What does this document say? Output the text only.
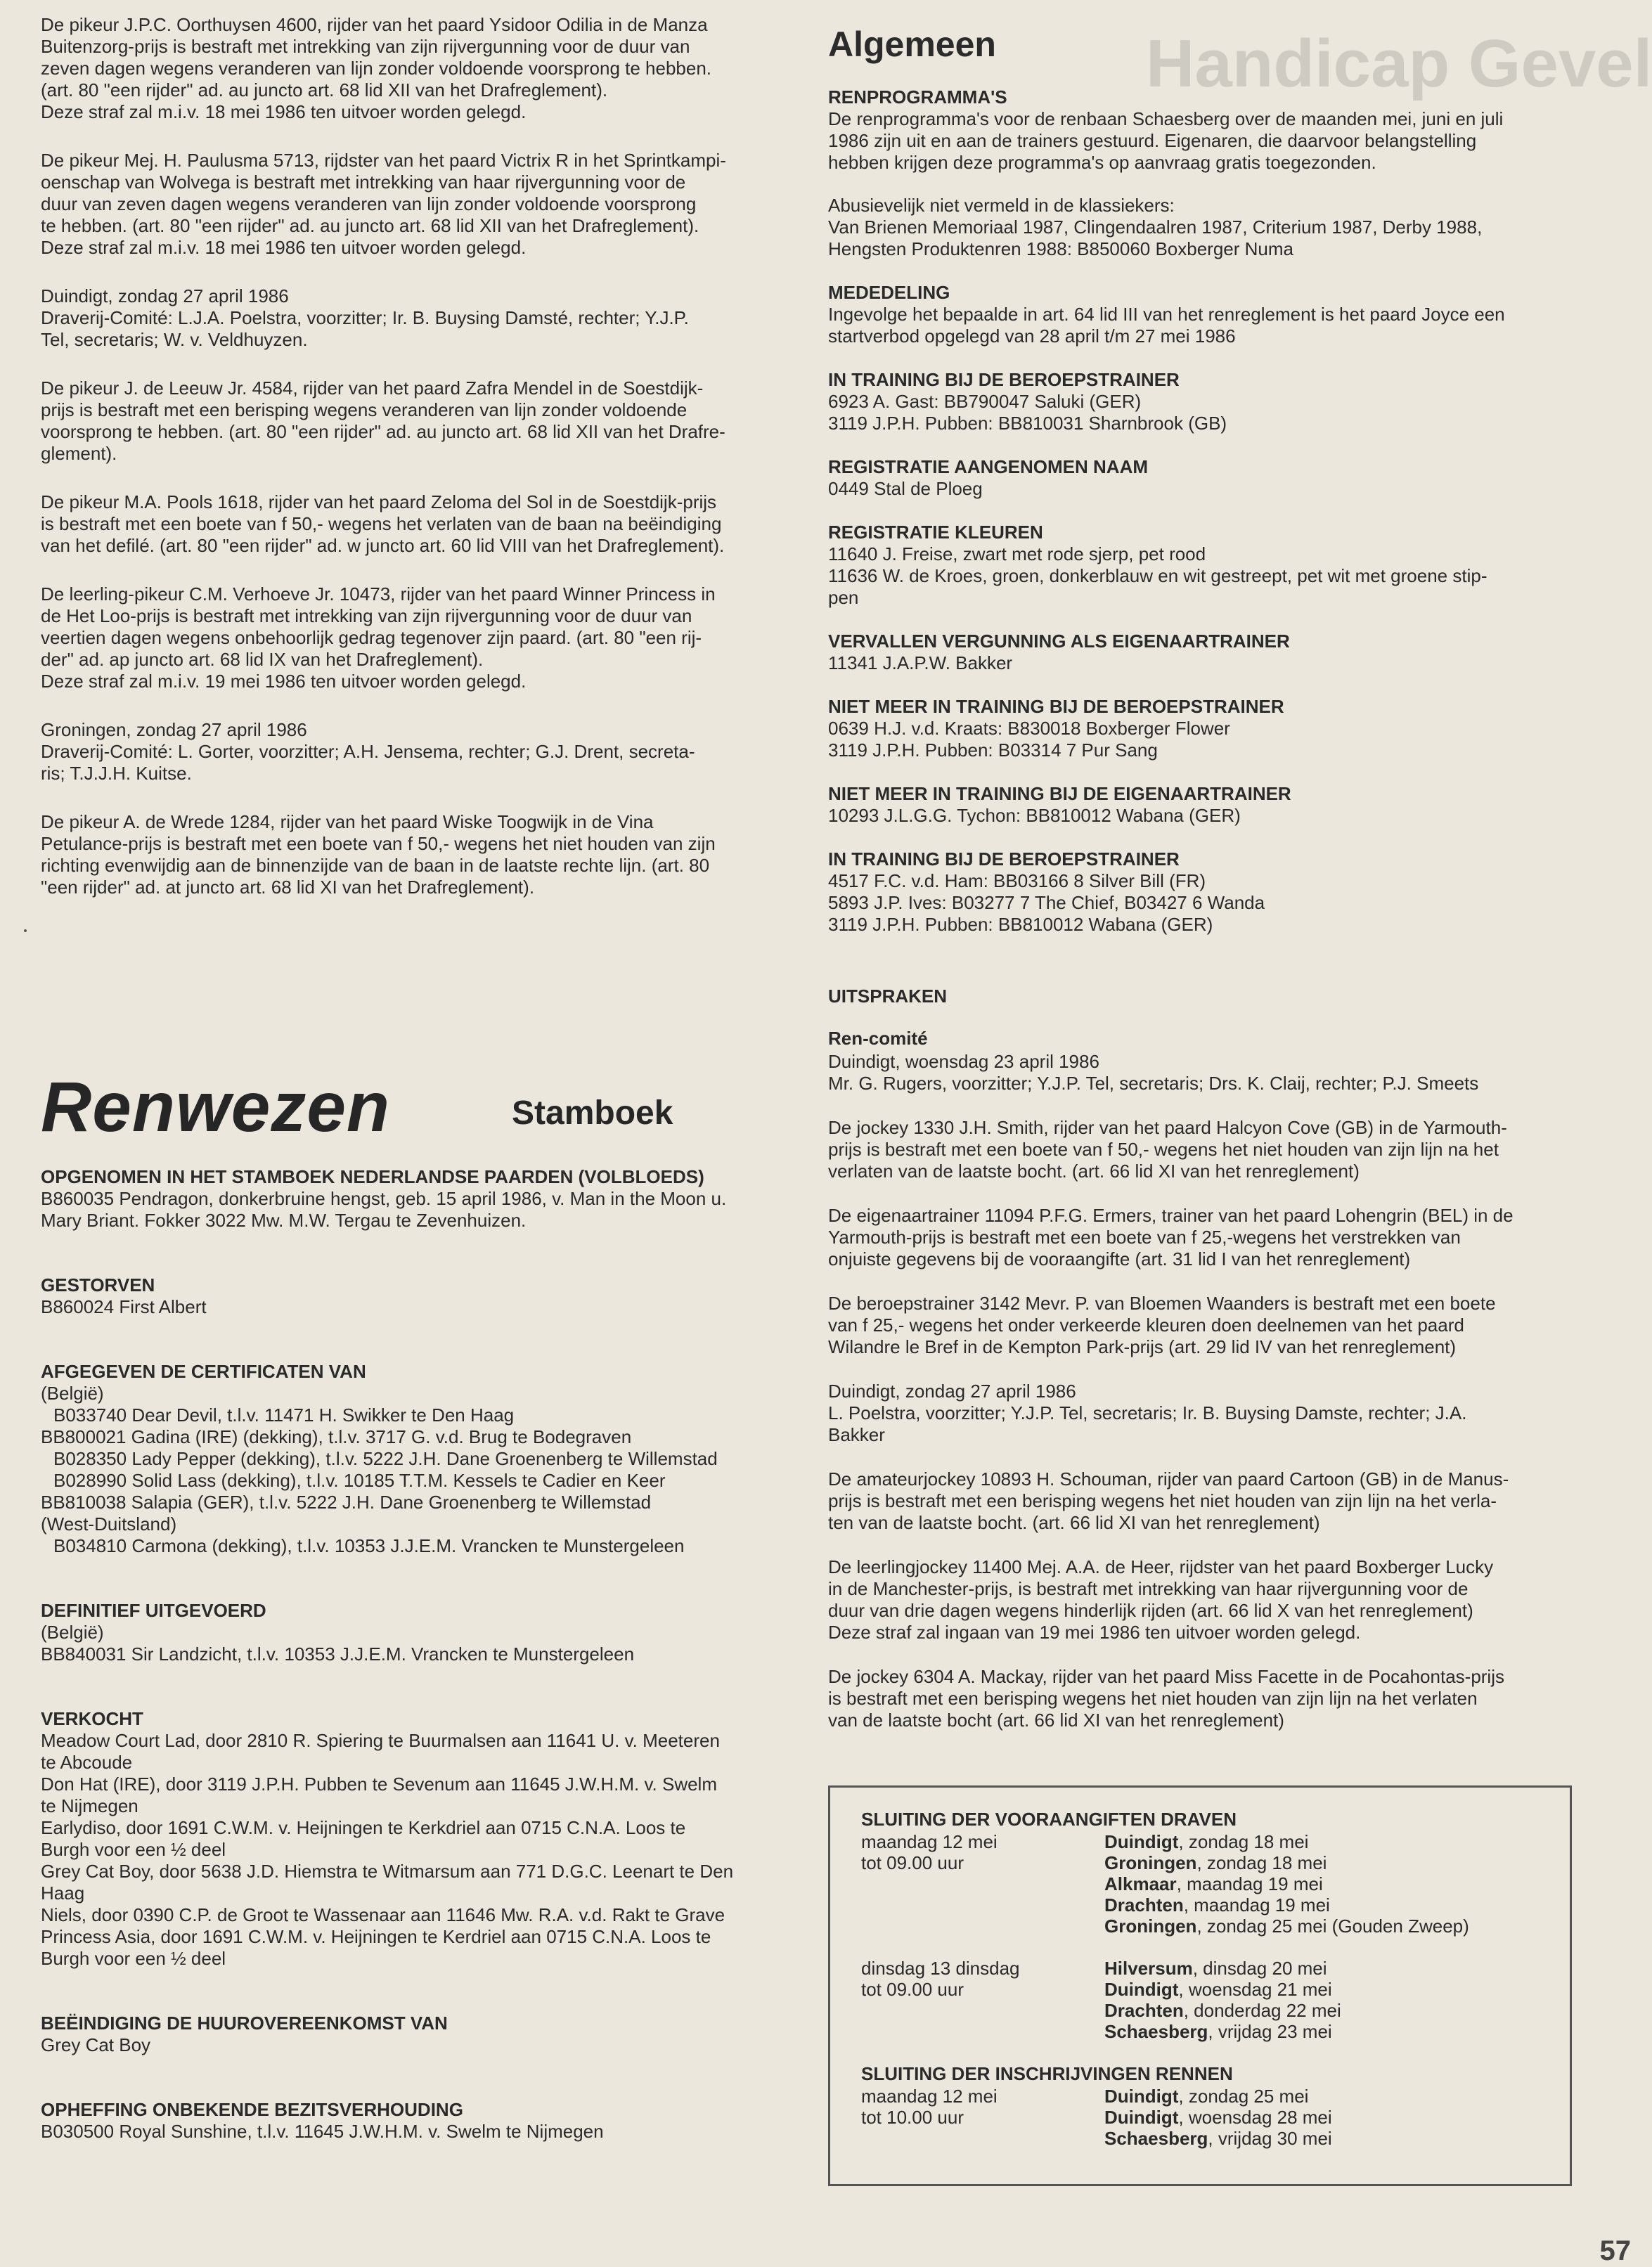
Handicap Gevel
De pikeur J.P.C. Oorthuysen 4600, rijder van het paard Ysidoor Odilia in de Manza
Buitenzorg-prijs is bestraft met intrekking van zijn rijvergunning voor de duur van
zeven dagen wegens veranderen van lijn zonder voldoende voorsprong te hebben.
(art. 80 "een rijder" ad. au juncto art. 68 lid XII van het Drafreglement).
Deze straf zal m.i.v. 18 mei 1986 ten uitvoer worden gelegd.
De pikeur Mej. H. Paulusma 5713, rijdster van het paard Victrix R in het Sprintkampi-
oenschap van Wolvega is bestraft met intrekking van haar rijvergunning voor de
duur van zeven dagen wegens veranderen van lijn zonder voldoende voorsprong
te hebben. (art. 80 "een rijder" ad. au juncto art. 68 lid XII van het Drafreglement).
Deze straf zal m.i.v. 18 mei 1986 ten uitvoer worden gelegd.
Duindigt, zondag 27 april 1986
Draverij-Comité: L.J.A. Poelstra, voorzitter; Ir. B. Buysing Damsté, rechter; Y.J.P.
Tel, secretaris; W. v. Veldhuyzen.
De pikeur J. de Leeuw Jr. 4584, rijder van het paard Zafra Mendel in de Soestdijk-
prijs is bestraft met een berisping wegens veranderen van lijn zonder voldoende
voorsprong te hebben. (art. 80 "een rijder" ad. au juncto art. 68 lid XII van het Drafre-
glement).
De pikeur M.A. Pools 1618, rijder van het paard Zeloma del Sol in de Soestdijk-prijs
is bestraft met een boete van f 50,- wegens het verlaten van de baan na beëindiging
van het defilé. (art. 80 "een rijder" ad. w juncto art. 60 lid VIII van het Drafreglement).
De leerling-pikeur C.M. Verhoeve Jr. 10473, rijder van het paard Winner Princess in
de Het Loo-prijs is bestraft met intrekking van zijn rijvergunning voor de duur van
veertien dagen wegens onbehoorlijk gedrag tegenover zijn paard. (art. 80 "een rij-
der" ad. ap juncto art. 68 lid IX van het Drafreglement).
Deze straf zal m.i.v. 19 mei 1986 ten uitvoer worden gelegd.
Groningen, zondag 27 april 1986
Draverij-Comité: L. Gorter, voorzitter; A.H. Jensema, rechter; G.J. Drent, secreta-
ris; T.J.J.H. Kuitse.
De pikeur A. de Wrede 1284, rijder van het paard Wiske Toogwijk in de Vina
Petulance-prijs is bestraft met een boete van f 50,- wegens het niet houden van zijn
richting evenwijdig aan de binnenzijde van de baan in de laatste rechte lijn. (art. 80
"een rijder" ad. at juncto art. 68 lid XI van het Drafreglement).
Renwezen	Stamboek
OPGENOMEN IN HET STAMBOEK NEDERLANDSE PAARDEN (VOLBLOEDS)
B860035 Pendragon, donkerbruine hengst, geb. 15 april 1986, v. Man in the Moon u.
Mary Briant. Fokker 3022 Mw. M.W. Tergau te Zevenhuizen.
GESTORVEN
B860024 First Albert
AFGEGEVEN DE CERTIFICATEN VAN
(België)
B033740 Dear Devil, t.l.v. 11471 H. Swikker te Den Haag
BB800021 Gadina (IRE) (dekking), t.l.v. 3717 G. v.d. Brug te Bodegraven
B028350 Lady Pepper (dekking), t.l.v. 5222 J.H. Dane Groenenberg te Willemstad
B028990 Solid Lass (dekking), t.l.v. 10185 T.T.M. Kessels te Cadier en Keer
BB810038 Salapia (GER), t.l.v. 5222 J.H. Dane Groenenberg te Willemstad
(West-Duitsland)
B034810 Carmona (dekking), t.l.v. 10353 J.J.E.M. Vrancken te Munstergeleen
DEFINITIEF UITGEVOERD
(België)
BB840031 Sir Landzicht, t.l.v. 10353 J.J.E.M. Vrancken te Munstergeleen
VERKOCHT
Meadow Court Lad, door 2810 R. Spiering te Buurmalsen aan 11641 U. v. Meeteren
te Abcoude
Don Hat (IRE), door 3119 J.P.H. Pubben te Sevenum aan 11645 J.W.H.M. v. Swelm
te Nijmegen
Earlydiso, door 1691 C.W.M. v. Heijningen te Kerkdriel aan 0715 C.N.A. Loos te
Burgh voor een ½ deel
Grey Cat Boy, door 5638 J.D. Hiemstra te Witmarsum aan 771 D.G.C. Leenart te Den
Haag
Niels, door 0390 C.P. de Groot te Wassenaar aan 11646 Mw. R.A. v.d. Rakt te Grave
Princess Asia, door 1691 C.W.M. v. Heijningen te Kerdriel aan 0715 C.N.A. Loos te
Burgh voor een ½ deel
BEËINDIGING DE HUUROVEREENKOMST VAN
Grey Cat Boy
OPHEFFING ONBEKENDE BEZITSVERHOUDING
B030500 Royal Sunshine, t.l.v. 11645 J.W.H.M. v. Swelm te Nijmegen
Algemeen
RENPROGRAMMA'S
De renprogramma's voor de renbaan Schaesberg over de maanden mei, juni en juli
1986 zijn uit en aan de trainers gestuurd. Eigenaren, die daarvoor belangstelling
hebben krijgen deze programma's op aanvraag gratis toegezonden.
Abusievelijk niet vermeld in de klassiekers:
Van Brienen Memoriaal 1987, Clingendaalren 1987, Criterium 1987, Derby 1988,
Hengsten Produktenren 1988: B850060 Boxberger Numa
MEDEDELING
Ingevolge het bepaalde in art. 64 lid III van het renreglement is het paard Joyce een
startverbod opgelegd van 28 april t/m 27 mei 1986
IN TRAINING BIJ DE BEROEPSTRAINER
6923 A. Gast: BB790047 Saluki (GER)
3119 J.P.H. Pubben: BB810031 Sharnbrook (GB)
REGISTRATIE AANGENOMEN NAAM
0449 Stal de Ploeg
REGISTRATIE KLEUREN
11640 J. Freise, zwart met rode sjerp, pet rood
11636 W. de Kroes, groen, donkerblauw en wit gestreept, pet wit met groene stip-
pen
VERVALLEN VERGUNNING ALS EIGENAARTRAINER
11341 J.A.P.W. Bakker
NIET MEER IN TRAINING BIJ DE BEROEPSTRAINER
0639 H.J. v.d. Kraats: B830018 Boxberger Flower
3119 J.P.H. Pubben: B03314 7 Pur Sang
NIET MEER IN TRAINING BIJ DE EIGENAARTRAINER
10293 J.L.G.G. Tychon: BB810012 Wabana (GER)
IN TRAINING BIJ DE BEROEPSTRAINER
4517 F.C. v.d. Ham: BB03166 8 Silver Bill (FR)
5893 J.P. Ives: B03277 7 The Chief, B03427 6 Wanda
3119 J.P.H. Pubben: BB810012 Wabana (GER)
UITSPRAKEN
Ren-comité
Duindigt, woensdag 23 april 1986
Mr. G. Rugers, voorzitter; Y.J.P. Tel, secretaris; Drs. K. Claij, rechter; P.J. Smeets
De jockey 1330 J.H. Smith, rijder van het paard Halcyon Cove (GB) in de Yarmouth-
prijs is bestraft met een boete van f 50,- wegens het niet houden van zijn lijn na het
verlaten van de laatste bocht. (art. 66 lid XI van het renreglement)
De eigenaartrainer 11094 P.F.G. Ermers, trainer van het paard Lohengrin (BEL) in de
Yarmouth-prijs is bestraft met een boete van f 25,-wegens het verstrekken van
onjuiste gegevens bij de vooraangifte (art. 31 lid I van het renreglement)
De beroepstrainer 3142 Mevr. P. van Bloemen Waanders is bestraft met een boete
van f 25,- wegens het onder verkeerde kleuren doen deelnemen van het paard
Wilandre le Bref in de Kempton Park-prijs (art. 29 lid IV van het renreglement)
Duindigt, zondag 27 april 1986
L. Poelstra, voorzitter; Y.J.P. Tel, secretaris; Ir. B. Buysing Damste, rechter; J.A.
Bakker
De amateurjockey 10893 H. Schouman, rijder van paard Cartoon (GB) in de Manus-
prijs is bestraft met een berisping wegens het niet houden van zijn lijn na het verla-
ten van de laatste bocht. (art. 66 lid XI van het renreglement)
De leerlingjockey 11400 Mej. A.A. de Heer, rijdster van het paard Boxberger Lucky
in de Manchester-prijs, is bestraft met intrekking van haar rijvergunning voor de
duur van drie dagen wegens hinderlijk rijden (art. 66 lid X van het renreglement)
Deze straf zal ingaan van 19 mei 1986 ten uitvoer worden gelegd.
De jockey 6304 A. Mackay, rijder van het paard Miss Facette in de Pocahontas-prijs
is bestraft met een berisping wegens het niet houden van zijn lijn na het verlaten
van de laatste bocht (art. 66 lid XI van het renreglement)
SLUITING DER VOORAANGIFTEN DRAVEN
maandag 12 mei	Duindigt, zondag 18 mei
tot 09.00 uur	Groningen, zondag 18 mei
	Alkmaar, maandag 19 mei
	Drachten, maandag 19 mei
	Groningen, zondag 25 mei (Gouden Zweep)
dinsdag 13 dinsdag	Hilversum, dinsdag 20 mei
tot 09.00 uur	Duindigt, woensdag 21 mei
	Drachten, donderdag 22 mei
	Schaesberg, vrijdag 23 mei
SLUITING DER INSCHRIJVINGEN RENNEN
maandag 12 mei	Duindigt, zondag 25 mei
tot 10.00 uur	Duindigt, woensdag 28 mei
	Schaesberg, vrijdag 30 mei
57
